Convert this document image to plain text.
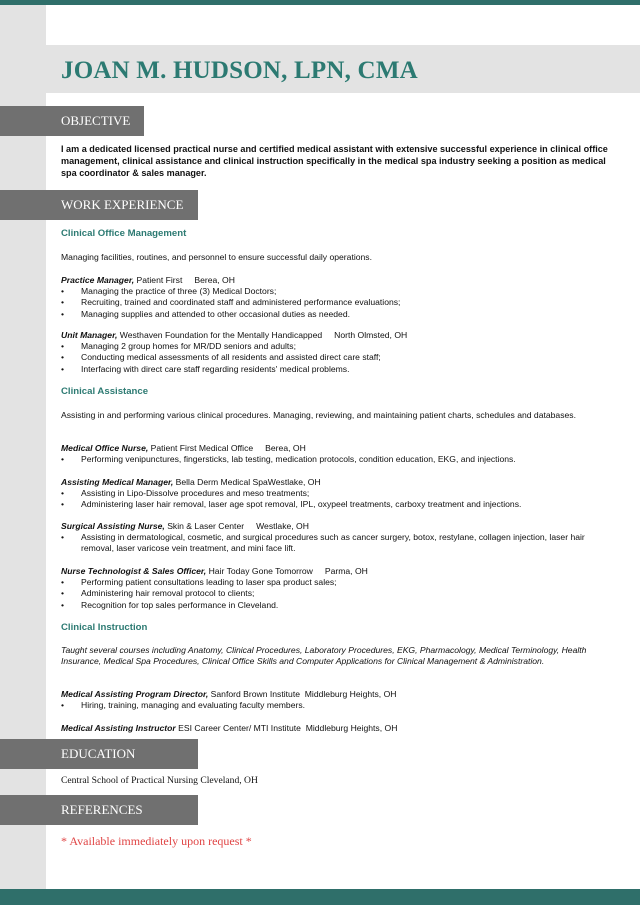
JOAN M. HUDSON, LPN, CMA
OBJECTIVE
I am a dedicated licensed practical nurse and certified medical assistant with extensive successful experience in clinical office management, clinical assistance and clinical instruction specifically in the medical spa industry seeking a position as medical spa coordinator & sales manager.
WORK EXPERIENCE
Clinical Office Management
Managing facilities, routines, and personnel to ensure successful daily operations.
Practice Manager, Patient First Berea, OH
• Managing the practice of three (3) Medical Doctors;
• Recruiting, trained and coordinated staff and administered performance evaluations;
• Managing supplies and attended to other occasional duties as needed.
Unit Manager, Westhaven Foundation for the Mentally Handicapped North Olmsted, OH
• Managing 2 group homes for MR/DD seniors and adults;
• Conducting medical assessments of all residents and assisted direct care staff;
• Interfacing with direct care staff regarding residents' medical problems.
Clinical Assistance
Assisting in and performing various clinical procedures. Managing, reviewing, and maintaining patient charts, schedules and databases.
Medical Office Nurse, Patient First Medical Office Berea, OH
• Performing venipunctures, fingersticks, lab testing, medication protocols, condition education, EKG, and injections.
Assisting Medical Manager, Bella Derm Medical SpaWestlake, OH
• Assisting in Lipo-Dissolve procedures and meso treatments;
• Administering laser hair removal, laser age spot removal, IPL, oxypeel treatments, carboxy treatment and injections.
Surgical Assisting Nurse, Skin & Laser Center Westlake, OH
• Assisting in dermatological, cosmetic, and surgical procedures such as cancer surgery, botox, restylane, collagen injection, laser hair removal, laser varicose vein treatment, and mini face lift.
Nurse Technologist & Sales Officer, Hair Today Gone Tomorrow Parma, OH
• Performing patient consultations leading to laser spa product sales;
• Administering hair removal protocol to clients;
• Recognition for top sales performance in Cleveland.
Clinical Instruction
Taught several courses including Anatomy, Clinical Procedures, Laboratory Procedures, EKG, Pharmacology, Medical Terminology, Health Insurance, Medical Spa Procedures, Clinical Office Skills and Computer Applications for Clinical Management & Administration.
Medical Assisting Program Director, Sanford Brown Institute Middleburg Heights, OH
• Hiring, training, managing and evaluating faculty members.
Medical Assisting Instructor ESI Career Center/ MTI Institute Middleburg Heights, OH
EDUCATION
Central School of Practical Nursing Cleveland, OH
REFERENCES
* Available immediately upon request *
